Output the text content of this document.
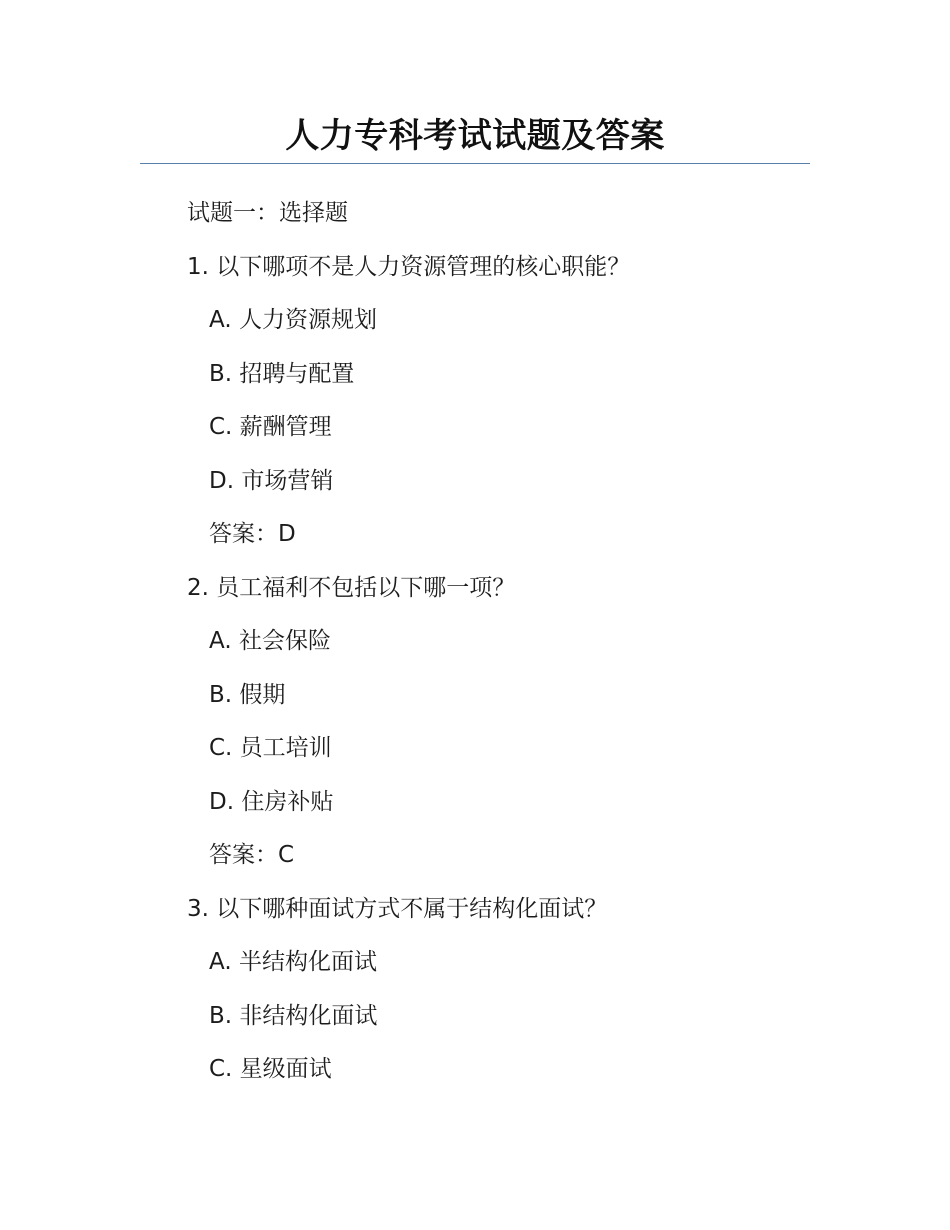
人力专科考试试题及答案
试题一：选择题
1. 以下哪项不是人力资源管理的核心职能？
A. 人力资源规划
B. 招聘与配置
C. 薪酬管理
D. 市场营销
答案：D
2. 员工福利不包括以下哪一项？
A. 社会保险
B. 假期
C. 员工培训
D. 住房补贴
答案：C
3. 以下哪种面试方式不属于结构化面试？
A. 半结构化面试
B. 非结构化面试
C. 星级面试
